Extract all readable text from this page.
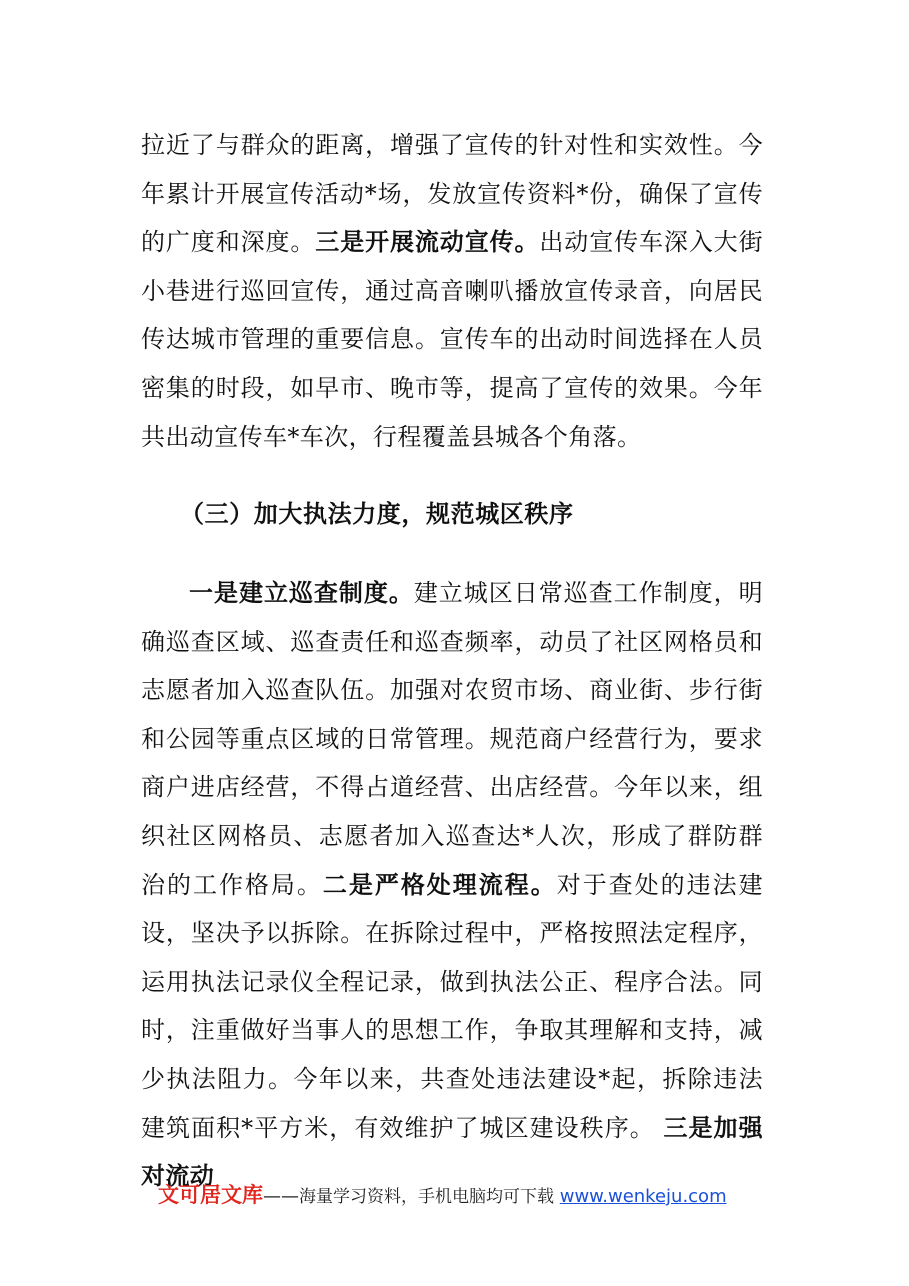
拉近了与群众的距离，增强了宣传的针对性和实效性。今年累计开展宣传活动*场，发放宣传资料*份，确保了宣传的广度和深度。三是开展流动宣传。出动宣传车深入大街小巷进行巡回宣传，通过高音喇叭播放宣传录音，向居民传达城市管理的重要信息。宣传车的出动时间选择在人员密集的时段，如早市、晚市等，提高了宣传的效果。今年共出动宣传车*车次，行程覆盖县城各个角落。

（三）加大执法力度，规范城区秩序

一是建立巡查制度。建立城区日常巡查工作制度，明确巡查区域、巡查责任和巡查频率，动员了社区网格员和志愿者加入巡查队伍。加强对农贸市场、商业街、步行街和公园等重点区域的日常管理。规范商户经营行为，要求商户进店经营，不得占道经营、出店经营。今年以来，组织社区网格员、志愿者加入巡查达*人次，形成了群防群治的工作格局。二是严格处理流程。对于查处的违法建设，坚决予以拆除。在拆除过程中，严格按照法定程序，运用执法记录仪全程记录，做到执法公正、程序合法。同时，注重做好当事人的思想工作，争取其理解和支持，减少执法阻力。今年以来，共查处违法建设*起，拆除违法建筑面积*平方米，有效维护了城区建设秩序。 三是加强对流动

文可居文库——海量学习资料，手机电脑均可下载 www.wenkeju.com
